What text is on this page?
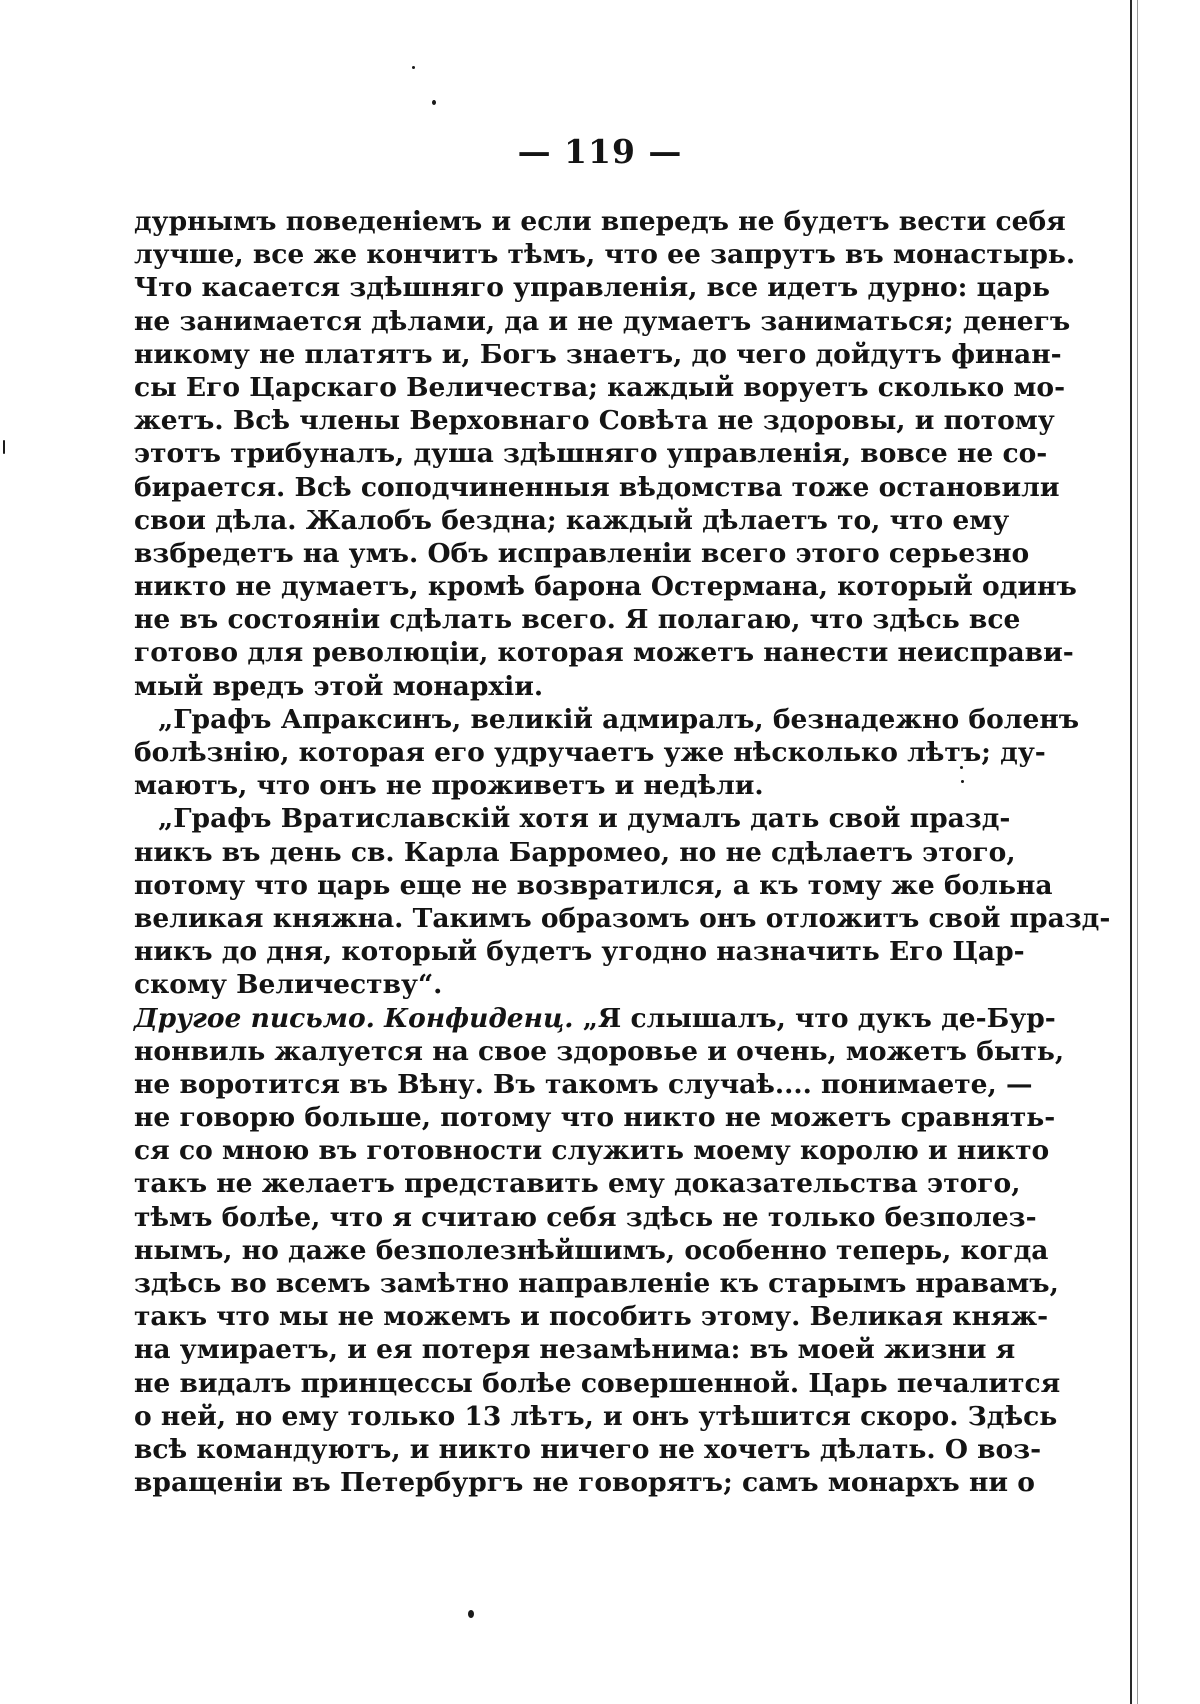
— 119 —
дурнымъ поведенiемъ и если впередъ не будетъ вести себя
лучше, все же кончитъ тѣмъ, что ее запрутъ въ монастырь.
Что касается здѣшняго управленiя, все идетъ дурно: царь
не занимается дѣлами, да и не думаетъ заниматься; денегъ
никому не платятъ и, Богъ знаетъ, до чего дойдутъ финан-
сы Его Царскаго Величества; каждый воруетъ сколько мо-
жетъ. Всѣ члены Верховнаго Совѣта не здоровы, и потому
этотъ трибуналъ, душа здѣшняго управленiя, вовсе не со-
бирается. Всѣ соподчиненныя вѣдомства тоже остановили
свои дѣла. Жалобъ бездна; каждый дѣлаетъ то, что ему
взбредетъ на умъ. Объ исправленiи всего этого серьезно
никто не думаетъ, кромѣ барона Остермана, который одинъ
не въ состоянiи сдѣлать всего. Я полагаю, что здѣсь все
готово для революцiи, которая можетъ нанести неисправи-
мый вредъ этой монархiи.
„Графъ Апраксинъ, великiй адмиралъ, безнадежно боленъ
болѣзнiю, которая его удручаетъ уже нѣсколько лѣтъ; ду-
маютъ, что онъ не проживетъ и недѣли.
„Графъ Вратиславскiй хотя и думалъ дать свой празд-
никъ въ день св. Карла Барромео, но не сдѣлаетъ этого,
потому что царь еще не возвратился, а къ тому же больна
великая княжна. Такимъ образомъ онъ отложитъ свой празд-
никъ до дня, который будетъ угодно назначить Его Цар-
скому Величеству“.
Другое письмо. Конфиденц. „Я слышалъ, что дукъ де-Бур-
нонвиль жалуется на свое здоровье и очень, можетъ быть,
не воротится въ Вѣну. Въ такомъ случаѣ.... понимаете, —
не говорю больше, потому что никто не можетъ сравнять-
ся со мною въ готовности служить моему королю и никто
такъ не желаетъ представить ему доказательства этого,
тѣмъ болѣе, что я считаю себя здѣсь не только безполез-
нымъ, но даже безполезнѣйшимъ, особенно теперь, когда
здѣсь во всемъ замѣтно направленiе къ старымъ нравамъ,
такъ что мы не можемъ и пособить этому. Великая княж-
на умираетъ, и ея потеря незамѣнима: въ моей жизни я
не видалъ принцессы болѣе совершенной. Царь печалится
о ней, но ему только 13 лѣтъ, и онъ утѣшится скоро. Здѣсь
всѣ командуютъ, и никто ничего не хочетъ дѣлать. О воз-
вращенiи въ Петербургъ не говорятъ; самъ монархъ ни о
